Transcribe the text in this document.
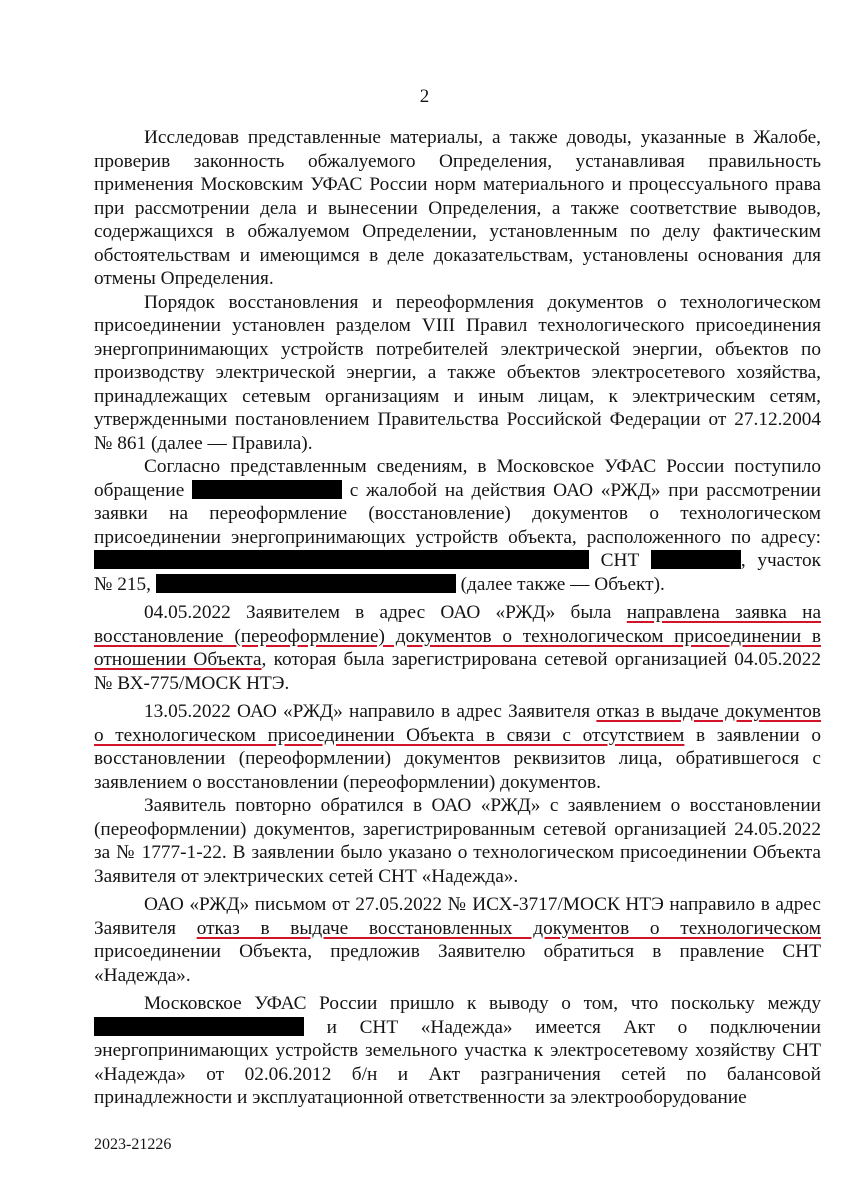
2

Исследовав представленные материалы, а также доводы, указанные в Жалобе, проверив законность обжалуемого Определения, устанавливая правильность применения Московским УФАС России норм материального и процессуального права при рассмотрении дела и вынесении Определения, а также соответствие выводов, содержащихся в обжалуемом Определении, установленным по делу фактическим обстоятельствам и имеющимся в деле доказательствам, установлены основания для отмены Определения.

Порядок восстановления и переоформления документов о технологическом присоединении установлен разделом VIII Правил технологического присоединения энергопринимающих устройств потребителей электрической энергии, объектов по производству электрической энергии, а также объектов электросетевого хозяйства, принадлежащих сетевым организациям и иным лицам, к электрическим сетям, утвержденными постановлением Правительства Российской Федерации от 27.12.2004 № 861 (далее — Правила).

Согласно представленным сведениям, в Московское УФАС России поступило обращение	с жалобой на действия ОАО «РЖД» при рассмотрении заявки на переоформление (восстановление) документов о технологическом присоединении энергопринимающих устройств объекта, расположенного по адресу:  СНТ	, участок № 215,	(далее также — Объект).

04.05.2022 Заявителем в адрес ОАО «РЖД» была направлена заявка на восстановление (переоформление) документов о технологическом присоединении в отношении Объекта, которая была зарегистрирована сетевой организацией 04.05.2022 № ВХ-775/МОСК НТЭ.

13.05.2022 ОАО «РЖД» направило в адрес Заявителя отказ в выдаче документов о технологическом присоединении Объекта в связи с отсутствием в заявлении о восстановлении (переоформлении) документов реквизитов лица, обратившегося с заявлением о восстановлении (переоформлении) документов.

Заявитель повторно обратился в ОАО «РЖД» с заявлением о восстановлении (переоформлении) документов, зарегистрированным сетевой организацией 24.05.2022 за № 1777-1-22. В заявлении было указано о технологическом присоединении Объекта Заявителя от электрических сетей СНТ «Надежда».

ОАО «РЖД» письмом от 27.05.2022 № ИСХ-3717/МОСК НТЭ направило в адрес Заявителя отказ в выдаче восстановленных документов о технологическом присоединении Объекта, предложив Заявителю обратиться в правление СНТ «Надежда».

Московское УФАС России пришло к выводу о том, что поскольку между  и СНТ «Надежда» имеется Акт о подключении энергопринимающих устройств земельного участка к электросетевому хозяйству СНТ «Надежда» от 02.06.2012 б/н и Акт разграничения сетей по балансовой принадлежности и эксплуатационной ответственности за электрооборудование

2023-21226
